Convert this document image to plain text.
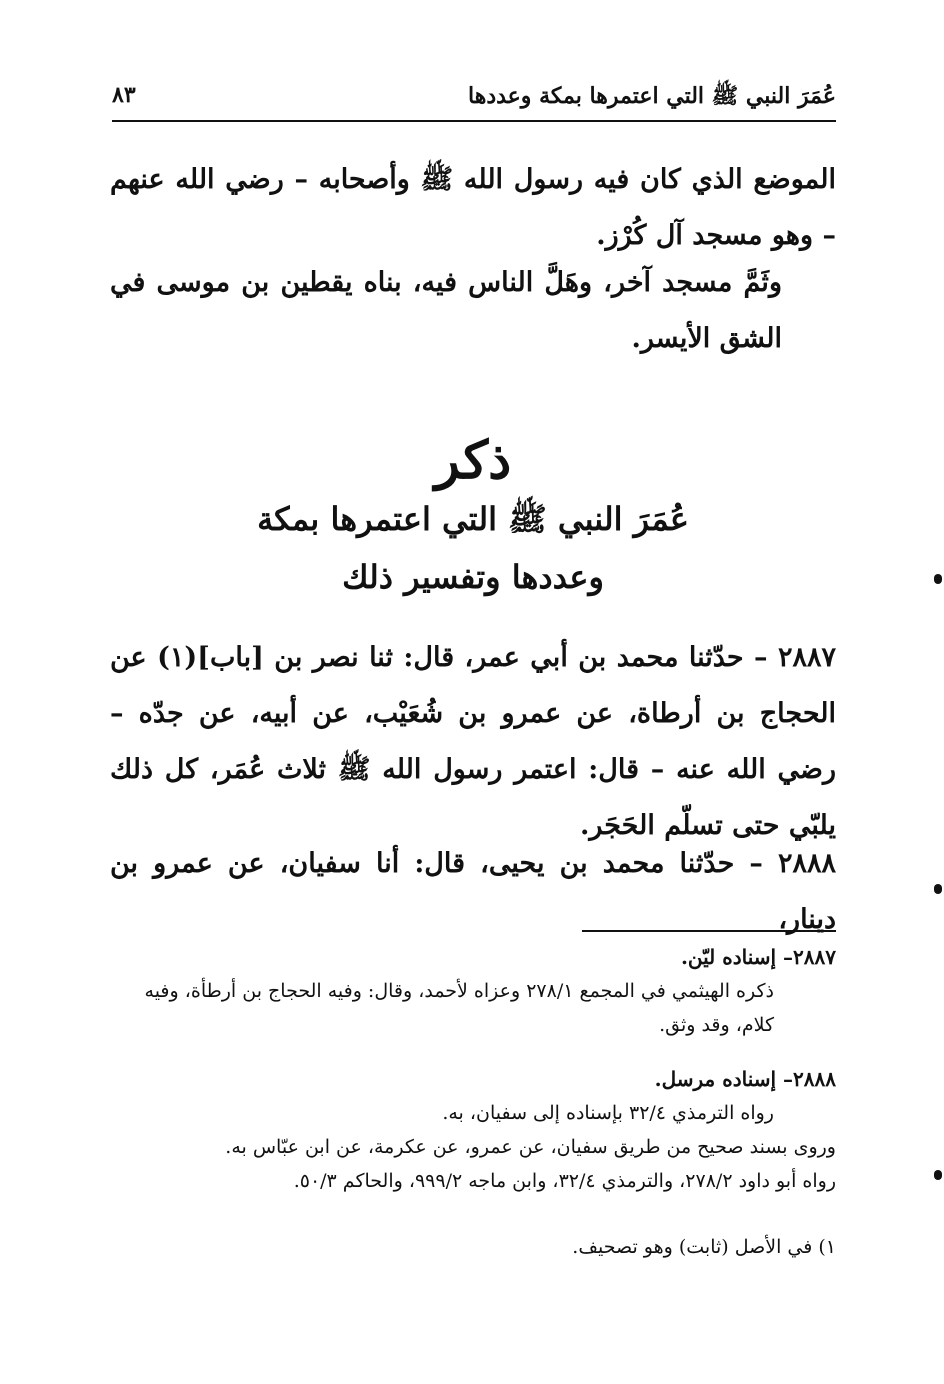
عُمَرَ النبي ﷺ التي اعتمرها بمكة وعددها
٨٣

الموضع الذي كان فيه رسول الله ﷺ وأصحابه – رضي الله عنهم – وهو مسجد آل كُرْز.

وثَمَّ مسجد آخر، وهَلَّ الناس فيه، بناه يقطين بن موسى في الشق الأيسر.

ذكر
عُمَرَ النبي ﷺ التي اعتمرها بمكة
وعددها وتفسير ذلك

٢٨٨٧ – حدّثنا محمد بن أبي عمر، قال: ثنا نصر بن [باب](١) عن الحجاج بن أرطاة، عن عمرو بن شُعَيْب، عن أبيه، عن جدّه – رضي الله عنه – قال: اعتمر رسول الله ﷺ ثلاث عُمَر، كل ذلك يلبّي حتى تسلّم الحَجَر.

٢٨٨٨ – حدّثنا محمد بن يحيى، قال: أنا سفيان، عن عمرو بن دينار،

٢٨٨٧– إسناده ليّن.
ذكره الهيثمي في المجمع ٢٧٨/١ وعزاه لأحمد، وقال: وفيه الحجاج بن أرطأة، وفيه كلام، وقد وثق.
٢٨٨٨– إسناده مرسل.
رواه الترمذي ٣٢/٤ بإسناده إلى سفيان، به.
وروى بسند صحيح من طريق سفيان، عن عمرو، عن عكرمة، عن ابن عبّاس به.
رواه أبو داود ٢٧٨/٢، والترمذي ٣٢/٤، وابن ماجه ٩٩٩/٢، والحاكم ٥٠/٣.
١) في الأصل (ثابت) وهو تصحيف.
